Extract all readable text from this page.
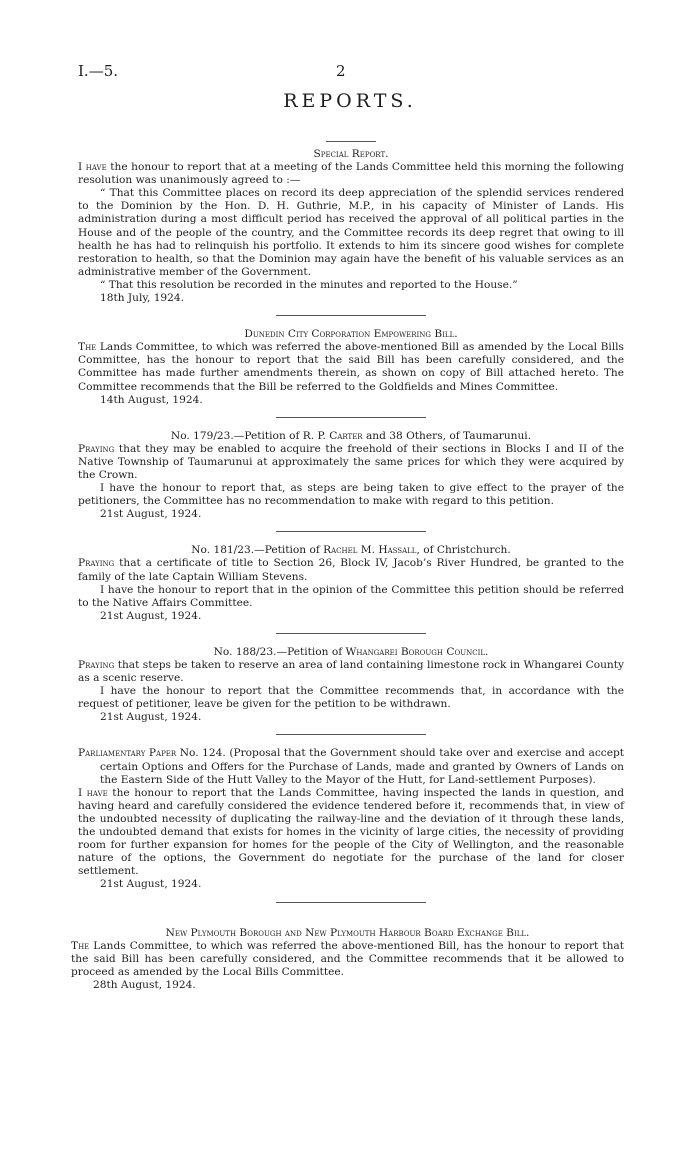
I.—5.	2
REPORTS.

Special Report.

I have the honour to report that at a meeting of the Lands Committee held this morning the following resolution was unanimously agreed to :—

“ That this Committee places on record its deep appreciation of the splendid services rendered to the Dominion by the Hon. D. H. Guthrie, M.P., in his capacity of Minister of Lands. His administration during a most difficult period has received the approval of all political parties in the House and of the people of the country, and the Committee records its deep regret that owing to ill health he has had to relinquish his portfolio. It extends to him its sincere good wishes for complete restoration to health, so that the Dominion may again have the benefit of his valuable services as an administrative member of the Government.

“ That this resolution be recorded in the minutes and reported to the House.”

18th July, 1924.

Dunedin City Corporation Empowering Bill.

The Lands Committee, to which was referred the above-mentioned Bill as amended by the Local Bills Committee, has the honour to report that the said Bill has been carefully considered, and the Committee has made further amendments therein, as shown on copy of Bill attached hereto. The Committee recommends that the Bill be referred to the Goldfields and Mines Committee.

14th August, 1924.

No. 179/23.—Petition of R. P. Carter and 38 Others, of Taumarunui.

Praying that they may be enabled to acquire the freehold of their sections in Blocks I and II of the Native Township of Taumarunui at approximately the same prices for which they were acquired by the Crown.

I have the honour to report that, as steps are being taken to give effect to the prayer of the petitioners, the Committee has no recommendation to make with regard to this petition.

21st August, 1924.

No. 181/23.—Petition of Rachel M. Hassall, of Christchurch.

Praying that a certificate of title to Section 26, Block IV, Jacob’s River Hundred, be granted to the family of the late Captain William Stevens.

I have the honour to report that in the opinion of the Committee this petition should be referred to the Native Affairs Committee.

21st August, 1924.

No. 188/23.—Petition of Whangarei Borough Council.

Praying that steps be taken to reserve an area of land containing limestone rock in Whangarei County as a scenic reserve.

I have the honour to report that the Committee recommends that, in accordance with the request of petitioner, leave be given for the petition to be withdrawn.

21st August, 1924.

Parliamentary Paper No. 124. (Proposal that the Government should take over and exercise and accept certain Options and Offers for the Purchase of Lands, made and granted by Owners of Lands on the Eastern Side of the Hutt Valley to the Mayor of the Hutt, for Land-settlement Purposes).

I have the honour to report that the Lands Committee, having inspected the lands in question, and having heard and carefully considered the evidence tendered before it, recommends that, in view of the undoubted necessity of duplicating the railway-line and the deviation of it through these lands, the undoubted demand that exists for homes in the vicinity of large cities, the necessity of providing room for further expansion for homes for the people of the City of Wellington, and the reasonable nature of the options, the Government do negotiate for the purchase of the land for closer settlement.

21st August, 1924.

New Plymouth Borough and New Plymouth Harbour Board Exchange Bill.

The Lands Committee, to which was referred the above-mentioned Bill, has the honour to report that the said Bill has been carefully considered, and the Committee recommends that it be allowed to proceed as amended by the Local Bills Committee.

28th August, 1924.
